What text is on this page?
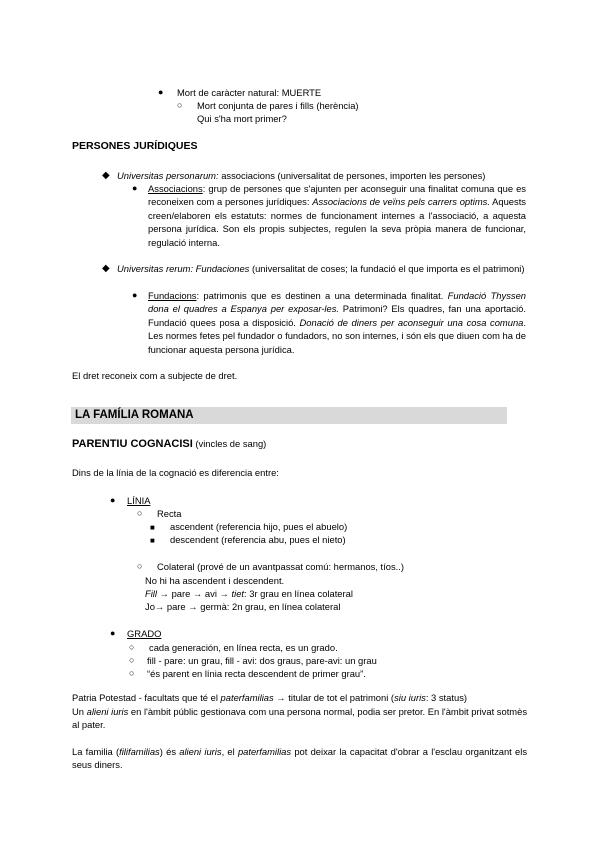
● Mort de caràcter natural: MUERTE
○ Mort conjunta de pares i fills (herència)
Qui s'ha mort primer?
PERSONES JURÍDIQUES
◆ Universitas personarum: associacions (universalitat de persones, importen les persones)
● Associacions: grup de persones que s'ajunten per aconseguir una finalitat comuna que es reconeixen com a persones jurídiques: Associacions de veïns pels carrers optims. Aquests creen/elaboren els estatuts: normes de funcionament internes a l'associació, a aquesta persona jurídica. Son els propis subjectes, regulen la seva pròpia manera de funcionar, regulació interna.
◆ Universitas rerum: Fundaciones (universalitat de coses; la fundació el que importa es el patrimoni)
● Fundacions: patrimonis que es destinen a una determinada finalitat. Fundació Thyssen dona el quadres a Espanya per exposar-les. Patrimoni? Els quadres, fan una aportació. Fundació quees posa a disposició. Donació de diners per aconseguir una cosa comuna. Les normes fetes pel fundador o fundadors, no son internes, i són els que diuen com ha de funcionar aquesta persona jurídica.
El dret reconeix com a subjecte de dret.
LA FAMÍLIA ROMANA
PARENTIU COGNACISI (vincles de sang)
Dins de la línia de la cognació es diferencia entre:
● LÍNIA
○ Recta
■ ascendent (referencia hijo, pues el abuelo)
■ descendent (referencia abu, pues el nieto)
○ Colateral (prové de un avantpassat comú: hermanos, tíos..)
No hi ha ascendent i descendent.
Fill → pare → avi → tiet: 3r grau en línea colateral
Jo→ pare → germà: 2n grau, en línea colateral
● GRADO
○ cada generación, en línea recta, es un grado.
○ fill - pare: un grau, fill - avi: dos graus, pare-avi: un grau
○ “és parent en línia recta descendent de primer grau”.
Patria Potestad - facultats que té el paterfamilias → titular de tot el patrimoni (siu iuris: 3 status)
Un alieni iuris en l'àmbit públic gestionava com una persona normal, podia ser pretor. En l'àmbit privat sotmès al pater.
La familia (filifamilias) és alieni iuris, el paterfamilias pot deixar la capacitat d'obrar a l'esclau organitzant els seus diners.
